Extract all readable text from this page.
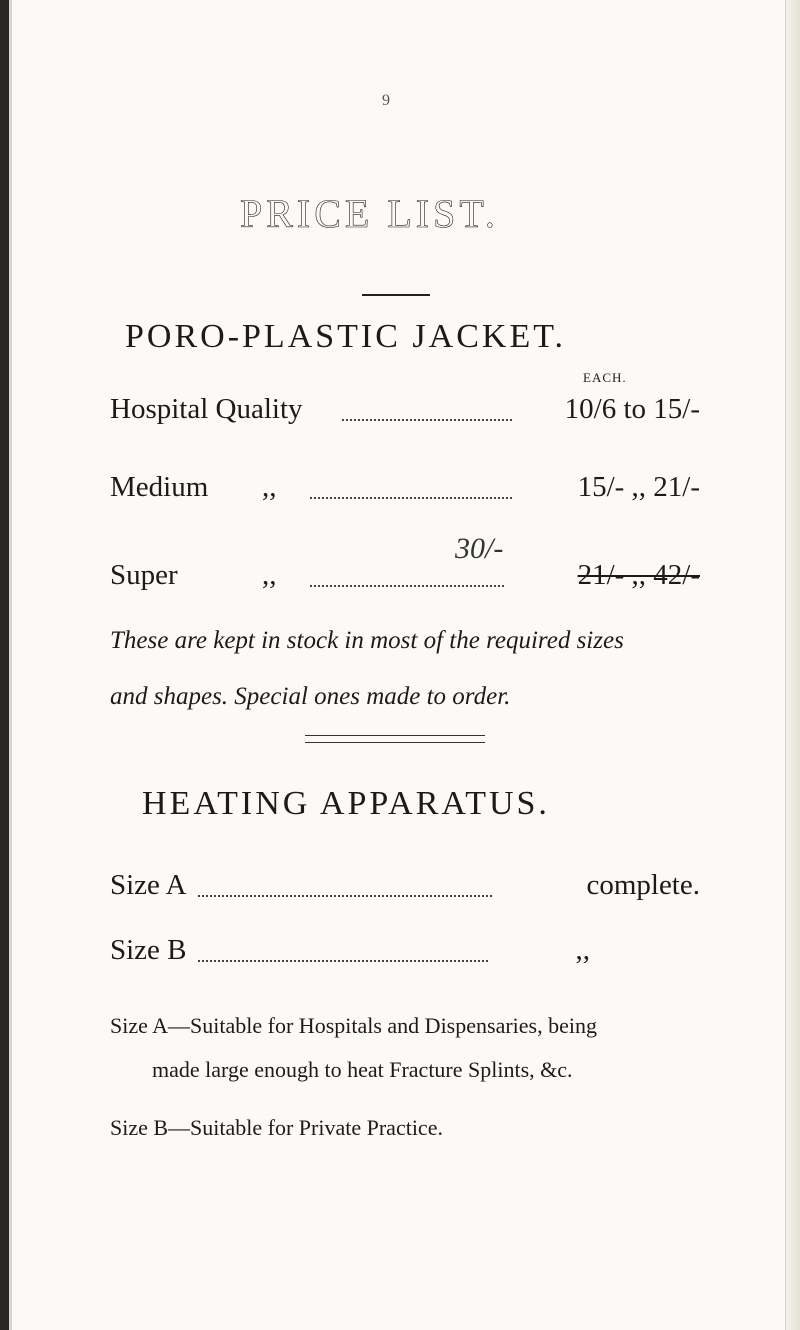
9
PRICE LIST.
PORO-PLASTIC JACKET.
EACH.
Hospital Quality	10/6 to 15/-
Medium ,,	15/- ,, 21/-
30/-
Super	,,	21/- ,, 42/-
These are kept in stock in most of the required sizes
and shapes. Special ones made to order.
HEATING APPARATUS.
Size A	complete.
Size B	,,
Size A—Suitable for Hospitals and Dispensaries, being
made large enough to heat Fracture Splints, &c.
Size B—Suitable for Private Practice.
